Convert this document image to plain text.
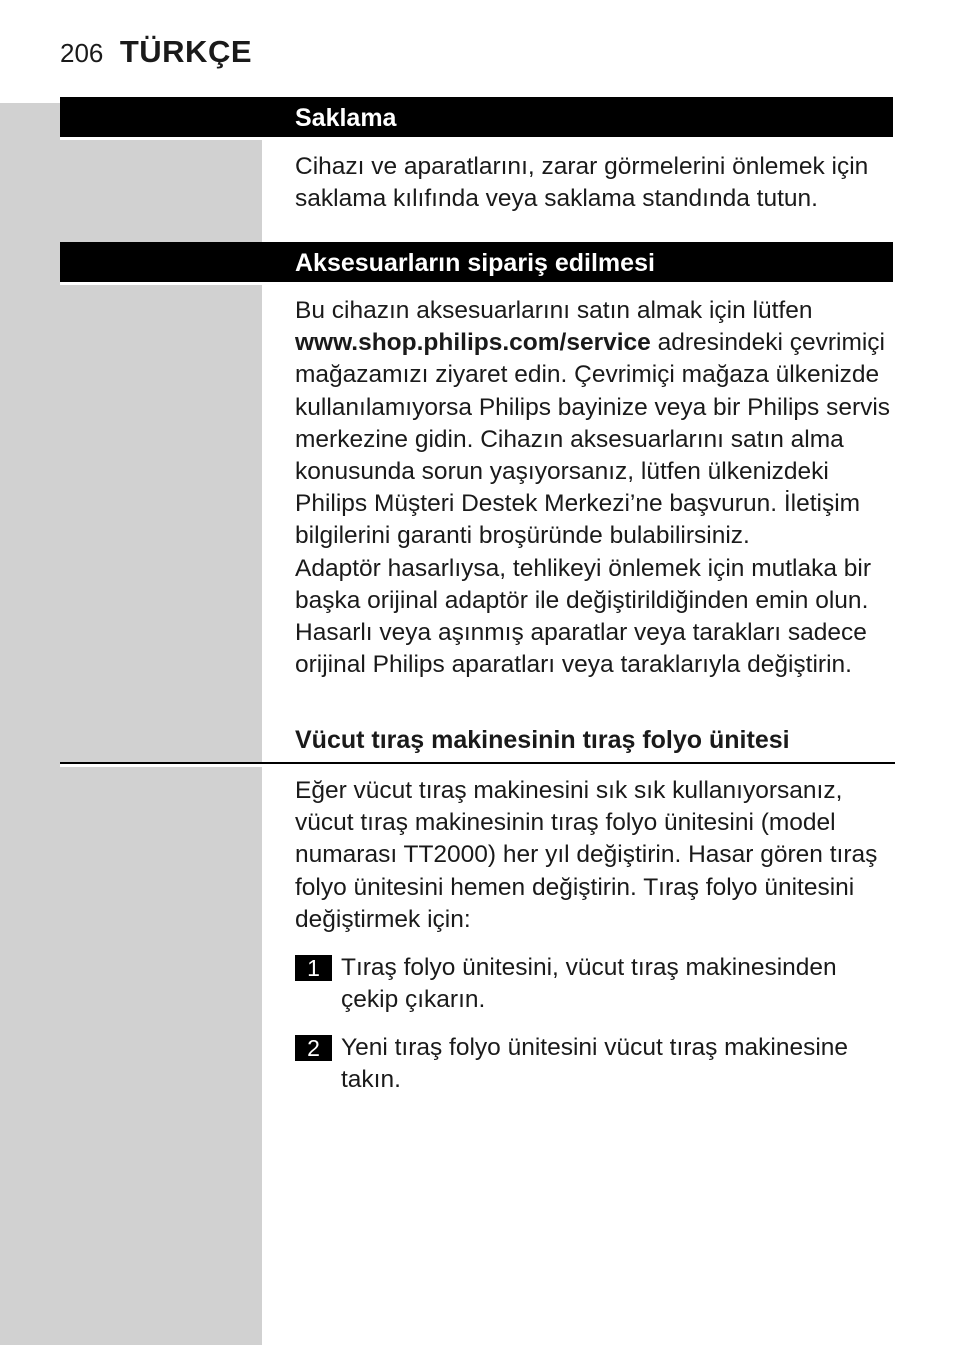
206 TÜRKÇE
Saklama

Cihazı ve aparatlarını, zarar görmelerini önlemek için saklama kılıfında veya saklama standında tutun.

Aksesuarların sipariş edilmesi

Bu cihazın aksesuarlarını satın almak için lütfen
www.shop.philips.com/service adresindeki çevrimiçi mağazamızı ziyaret edin. Çevrimiçi mağaza ülkenizde kullanılamıyorsa Philips bayinize veya bir Philips servis merkezine gidin. Cihazın aksesuarlarını satın alma konusunda sorun yaşıyorsanız, lütfen ülkenizdeki Philips Müşteri Destek Merkezi’ne başvurun. İletişim bilgilerini garanti broşüründe bulabilirsiniz.

Adaptör hasarlıysa, tehlikeyi önlemek için mutlaka bir başka orijinal adaptör ile değiştirildiğinden emin olun. Hasarlı veya aşınmış aparatlar veya tarakları sadece orijinal Philips aparatları veya taraklarıyla değiştirin.

Vücut tıraş makinesinin tıraş folyo ünitesi

Eğer vücut tıraş makinesini sık sık kullanıyorsanız, vücut tıraş makinesinin tıraş folyo ünitesini (model numarası TT2000) her yıl değiştirin. Hasar gören tıraş folyo ünitesini hemen değiştirin. Tıraş folyo ünitesini değiştirmek için:

1 Tıraş folyo ünitesini, vücut tıraş makinesinden çekip çıkarın.
2 Yeni tıraş folyo ünitesini vücut tıraş makinesine takın.
